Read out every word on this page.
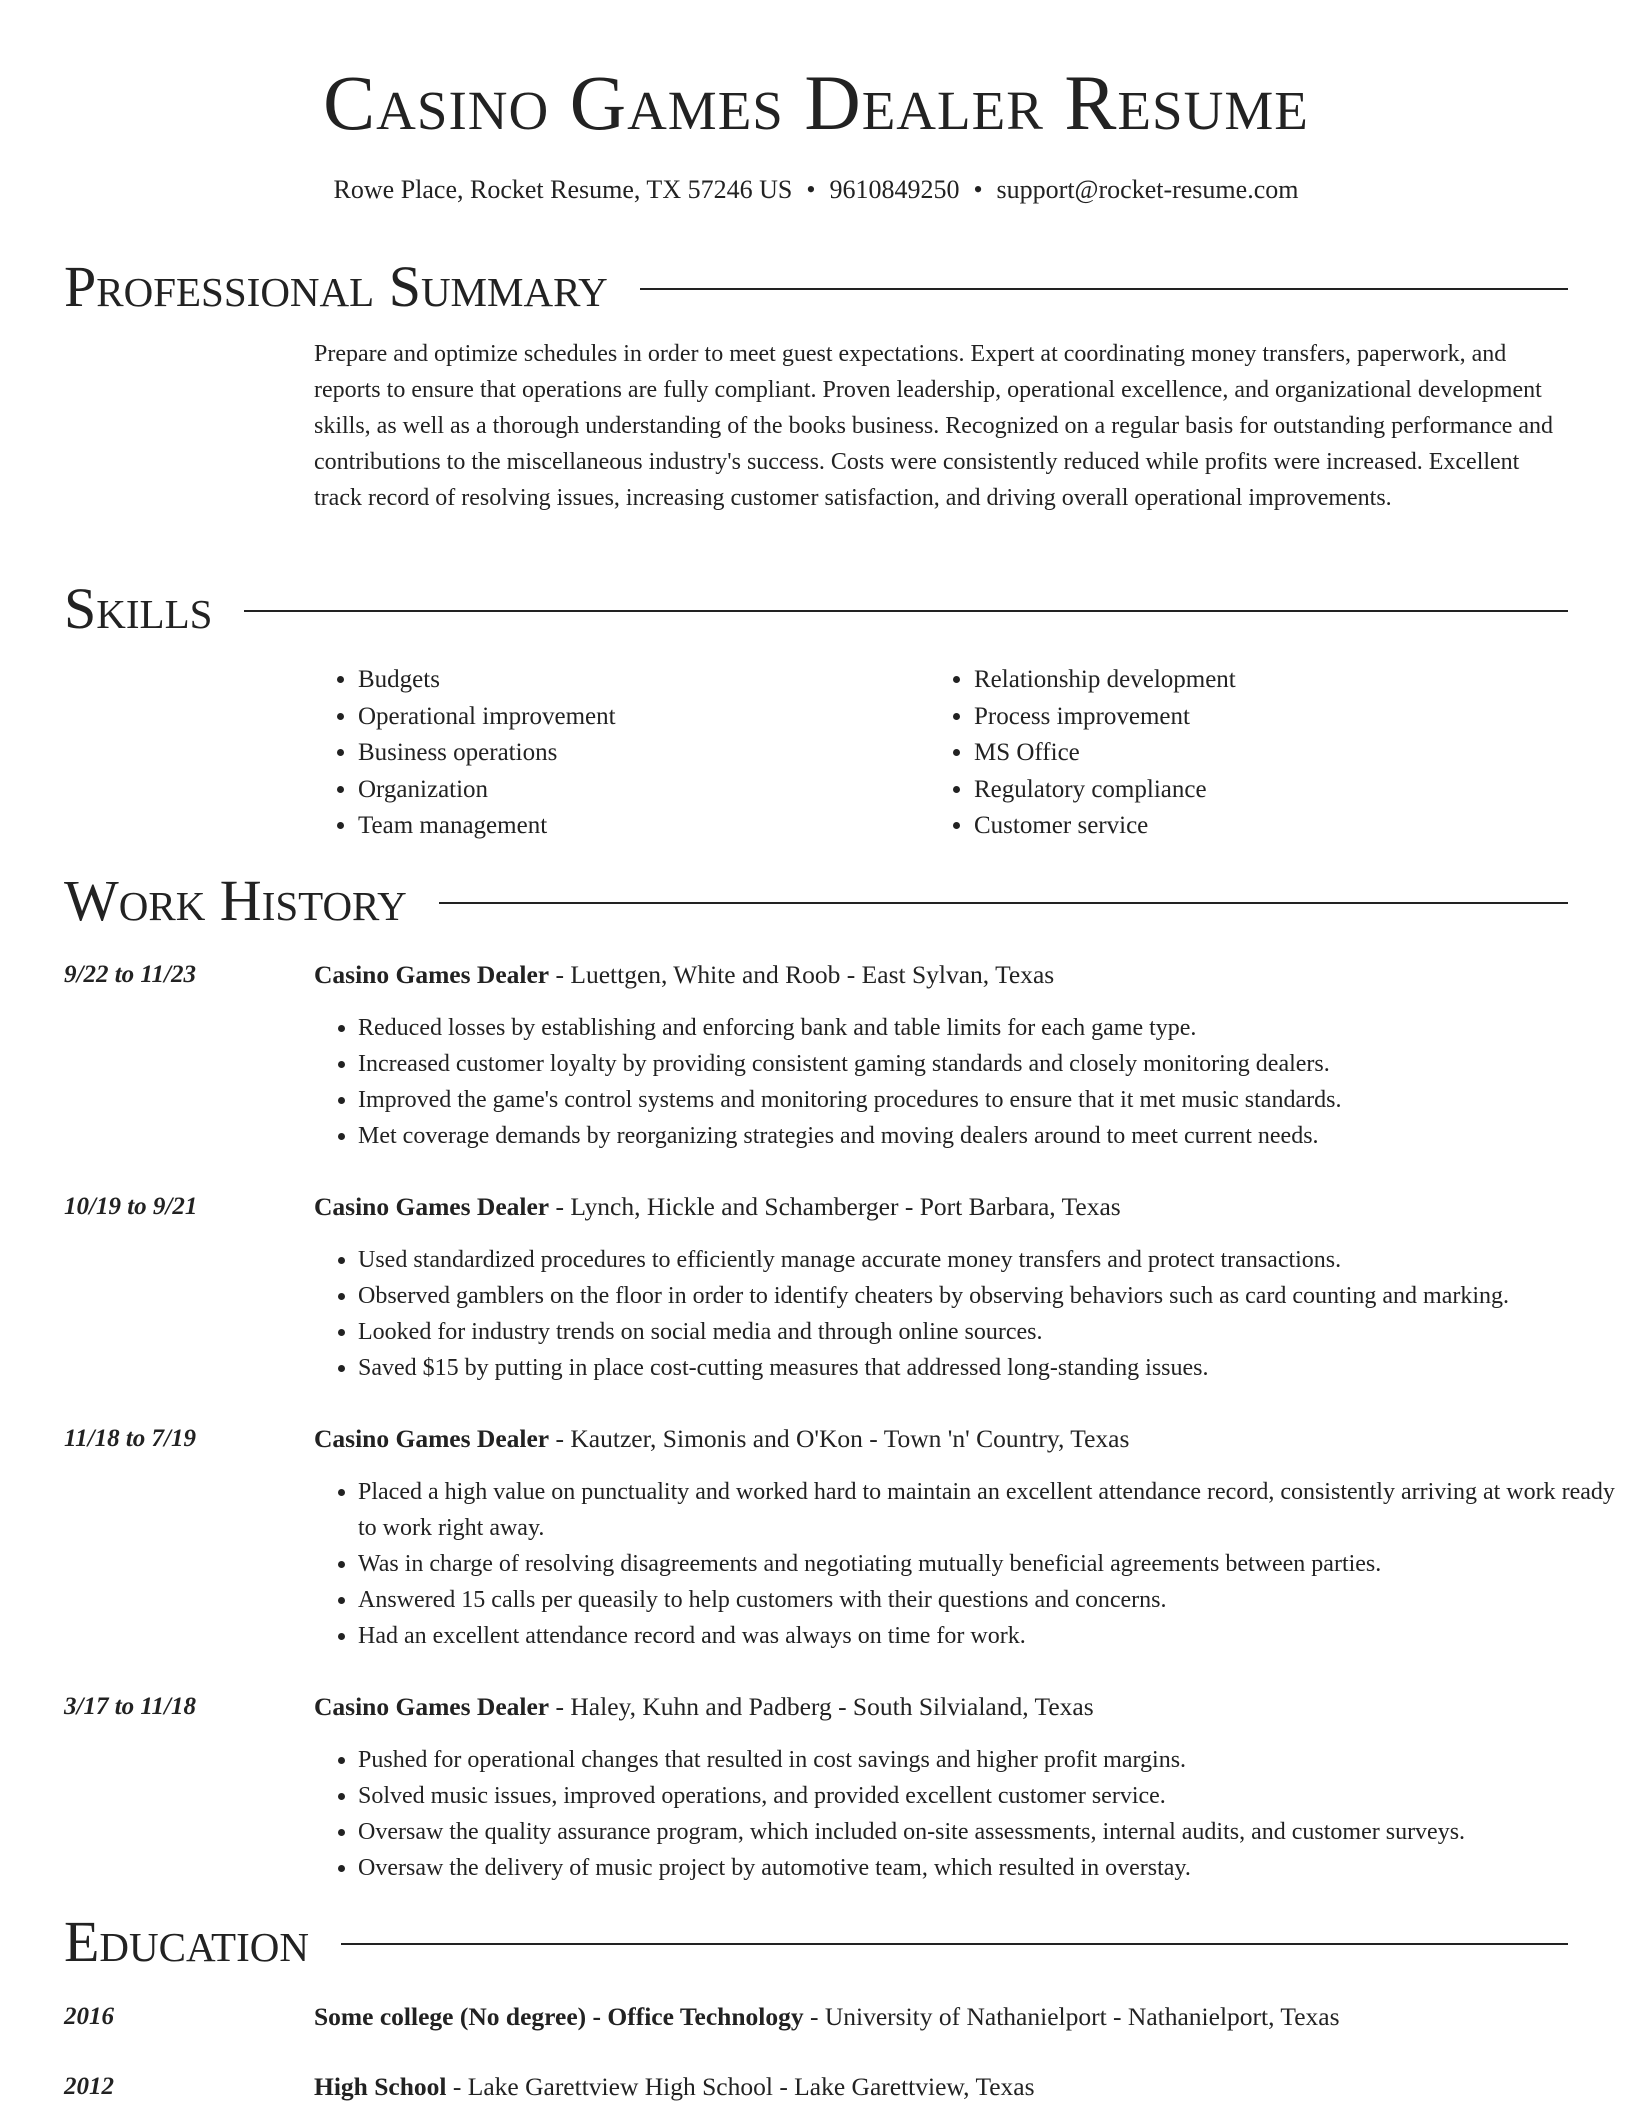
Casino Games Dealer Resume
Rowe Place, Rocket Resume, TX 57246 US • 9610849250 • support@rocket-resume.com
Professional Summary

Prepare and optimize schedules in order to meet guest expectations. Expert at coordinating money transfers, paperwork, and reports to ensure that operations are fully compliant. Proven leadership, operational excellence, and organizational development skills, as well as a thorough understanding of the books business. Recognized on a regular basis for outstanding performance and contributions to the miscellaneous industry's success. Costs were consistently reduced while profits were increased. Excellent track record of resolving issues, increasing customer satisfaction, and driving overall operational improvements.

Skills
• Budgets
• Operational improvement
• Business operations
• Organization
• Team management
• Relationship development
• Process improvement
• MS Office
• Regulatory compliance
• Customer service
Work History
9/22 to 11/23	Casino Games Dealer - Luettgen, White and Roob - East Sylvan, Texas
• Reduced losses by establishing and enforcing bank and table limits for each game type.
• Increased customer loyalty by providing consistent gaming standards and closely monitoring dealers.
• Improved the game's control systems and monitoring procedures to ensure that it met music standards.
• Met coverage demands by reorganizing strategies and moving dealers around to meet current needs.
10/19 to 9/21	Casino Games Dealer - Lynch, Hickle and Schamberger - Port Barbara, Texas
• Used standardized procedures to efficiently manage accurate money transfers and protect transactions.
• Observed gamblers on the floor in order to identify cheaters by observing behaviors such as card counting and marking.
• Looked for industry trends on social media and through online sources.
• Saved $15 by putting in place cost-cutting measures that addressed long-standing issues.
11/18 to 7/19	Casino Games Dealer - Kautzer, Simonis and O'Kon - Town 'n' Country, Texas
• Placed a high value on punctuality and worked hard to maintain an excellent attendance record, consistently arriving at work ready to work right away.
• Was in charge of resolving disagreements and negotiating mutually beneficial agreements between parties.
• Answered 15 calls per queasily to help customers with their questions and concerns.
• Had an excellent attendance record and was always on time for work.
3/17 to 11/18	Casino Games Dealer - Haley, Kuhn and Padberg - South Silvialand, Texas
• Pushed for operational changes that resulted in cost savings and higher profit margins.
• Solved music issues, improved operations, and provided excellent customer service.
• Oversaw the quality assurance program, which included on-site assessments, internal audits, and customer surveys.
• Oversaw the delivery of music project by automotive team, which resulted in overstay.
Education
2016	Some college (No degree) - Office Technology - University of Nathanielport - Nathanielport, Texas
2012	High School - Lake Garettview High School - Lake Garettview, Texas
